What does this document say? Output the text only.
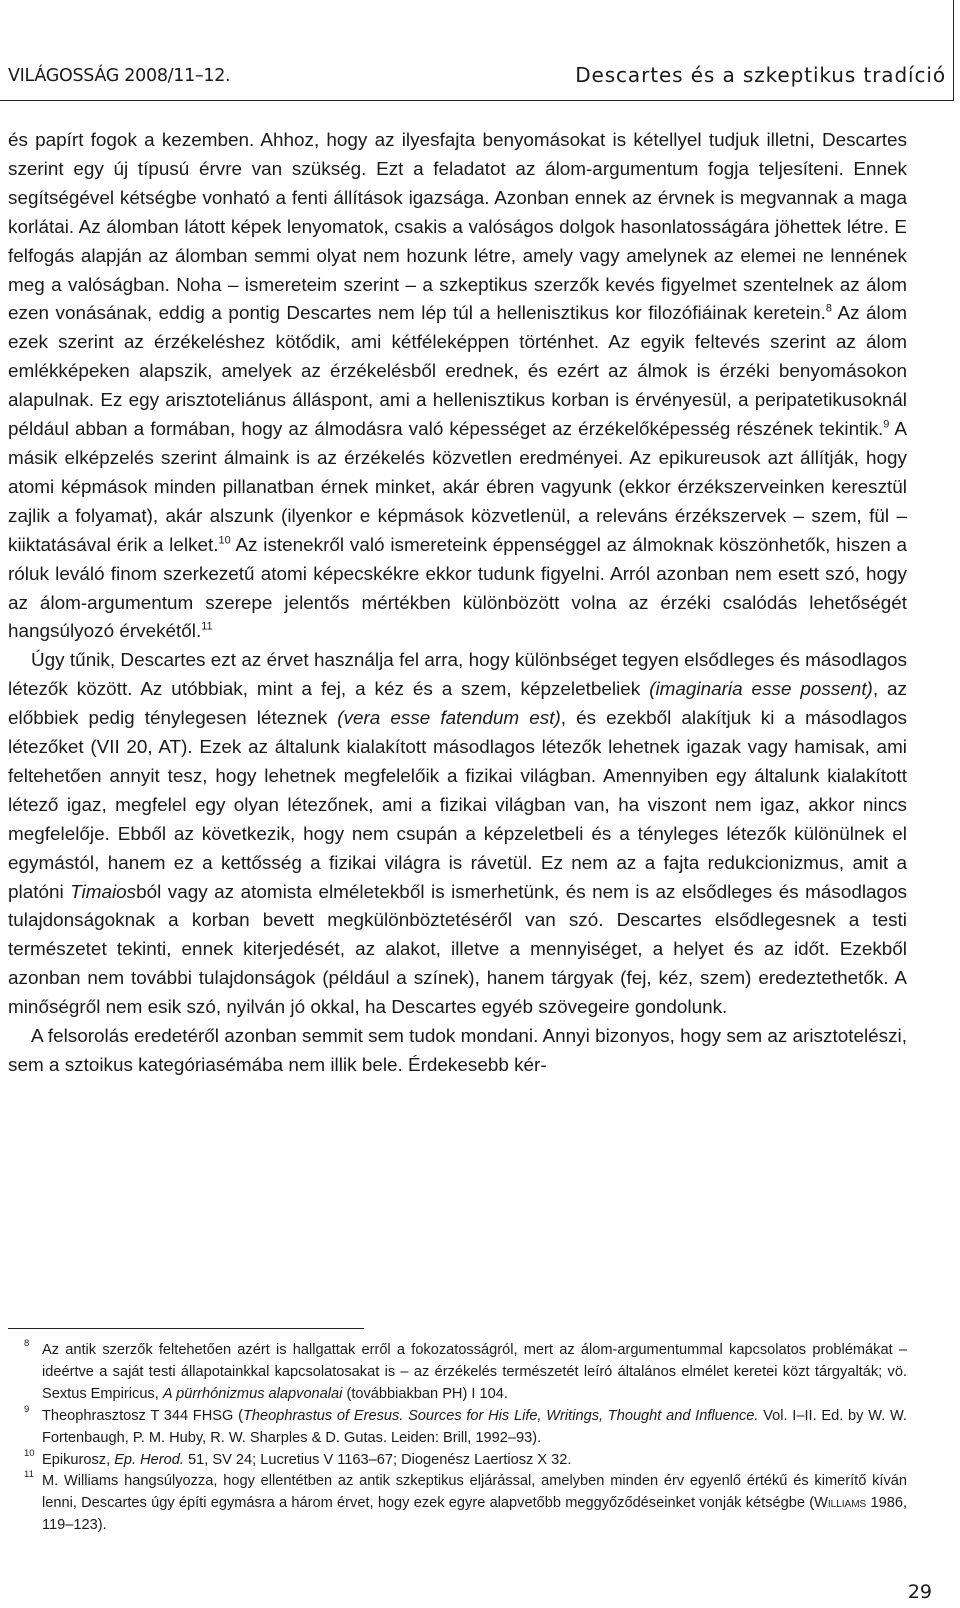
VILÁGOSSÁG 2008/11–12.	Descartes és a szkeptikus tradíció

és papírt fogok a kezemben. Ahhoz, hogy az ilyesfajta benyomásokat is kétellyel tudjuk illetni, Descartes szerint egy új típusú érvre van szükség. Ezt a feladatot az álom-argumentum fogja teljesíteni. Ennek segítségével kétségbe vonható a fenti állítások igazsága. Azonban ennek az érvnek is megvannak a maga korlátai. Az álomban látott képek lenyomatok, csakis a valóságos dolgok hasonlatosságára jöhettek létre. E felfogás alapján az álomban semmi olyat nem hozunk létre, amely vagy amelynek az elemei ne lennének meg a valóságban. Noha – ismereteim szerint – a szkeptikus szerzők kevés figyelmet szentelnek az álom ezen vonásának, eddig a pontig Descartes nem lép túl a hellenisztikus kor filozófiáinak keretein.$^8$ Az álom ezek szerint az érzékeléshez kötődik, ami kétféleképpen történhet. Az egyik feltevés szerint az álom emlékképeken alapszik, amelyek az érzékelésből erednek, és ezért az álmok is érzéki benyomásokon alapulnak. Ez egy arisztoteliánus álláspont, ami a hellenisztikus korban is érvényesül, a peripatetikusoknál például abban a formában, hogy az álmodásra való képességet az érzékelőképesség részének tekintik.$^9$ A másik elképzelés szerint álmaink is az érzékelés közvetlen eredményei. Az epikureusok azt állítják, hogy atomi képmások minden pillanatban érnek minket, akár ébren vagyunk (ekkor érzékszerveinken keresztül zajlik a folyamat), akár alszunk (ilyenkor e képmások közvetlenül, a releváns érzékszervek – szem, fül – kiiktatásával érik a lelket.$^{10}$ Az istenekről való ismereteink éppenséggel az álmoknak köszönhetők, hiszen a róluk leváló finom szerkezetű atomi képecskékre ekkor tudunk figyelni. Arról azonban nem esett szó, hogy az álom-argumentum szerepe jelentős mértékben különbözött volna az érzéki csalódás lehetőségét hangsúlyozó érvekétől.$^{11}$

Úgy tűnik, Descartes ezt az érvet használja fel arra, hogy különbséget tegyen elsődleges és másodlagos létezők között. Az utóbbiak, mint a fej, a kéz és a szem, képzeletbeliek (imaginaria esse possent), az előbbiek pedig ténylegesen léteznek (vera esse fatendum est), és ezekből alakítjuk ki a másodlagos létezőket (VII 20, AT). Ezek az általunk kialakított másodlagos létezők lehetnek igazak vagy hamisak, ami feltehetően annyit tesz, hogy lehetnek megfelelőik a fizikai világban. Amennyiben egy általunk kialakított létező igaz, megfelel egy olyan létezőnek, ami a fizikai világban van, ha viszont nem igaz, akkor nincs megfelelője. Ebből az következik, hogy nem csupán a képzeletbeli és a tényleges létezők különülnek el egymástól, hanem ez a kettősség a fizikai világra is rávetül. Ez nem az a fajta redukcionizmus, amit a platóni Timaiosból vagy az atomista elméletekből is ismerhetünk, és nem is az elsődleges és másodlagos tulajdonságoknak a korban bevett megkülönböztetéséről van szó. Descartes elsődlegesnek a testi természetet tekinti, ennek kiterjedését, az alakot, illetve a mennyiséget, a helyet és az időt. Ezekből azonban nem további tulajdonságok (például a színek), hanem tárgyak (fej, kéz, szem) eredeztethetők. A minőségről nem esik szó, nyilván jó okkal, ha Descartes egyéb szövegeire gondolunk.

A felsorolás eredetéről azonban semmit sem tudok mondani. Annyi bizonyos, hogy sem az arisztotelészi, sem a sztoikus kategóriasémába nem illik bele. Érdekesebb kér-

8 Az antik szerzők feltehetően azért is hallgattak erről a fokozatosságról, mert az álom-argumentummal kapcsolatos problémákat – ideértve a saját testi állapotainkkal kapcsolatosakat is – az érzékelés természetét leíró általános elmélet keretei közt tárgyalták; vö. Sextus Empiricus, A pürrhónizmus alapvonalai (továbbiakban PH) I 104.
9 Theophrasztosz T 344 FHSG (Theophrastus of Eresus. Sources for His Life, Writings, Thought and Influence. Vol. I–II. Ed. by W. W. Fortenbaugh, P. M. Huby, R. W. Sharples & D. Gutas. Leiden: Brill, 1992–93).
10 Epikurosz, Ep. Herod. 51, SV 24; Lucretius V 1163–67; Diogenész Laertiosz X 32.
11 M. Williams hangsúlyozza, hogy ellentétben az antik szkeptikus eljárással, amelyben minden érv egyenlő értékű és kimerítő kíván lenni, Descartes úgy építi egymásra a három érvet, hogy ezek egyre alapvetőbb meggyőződéseinket vonják kétségbe (Williams 1986, 119–123).
29
